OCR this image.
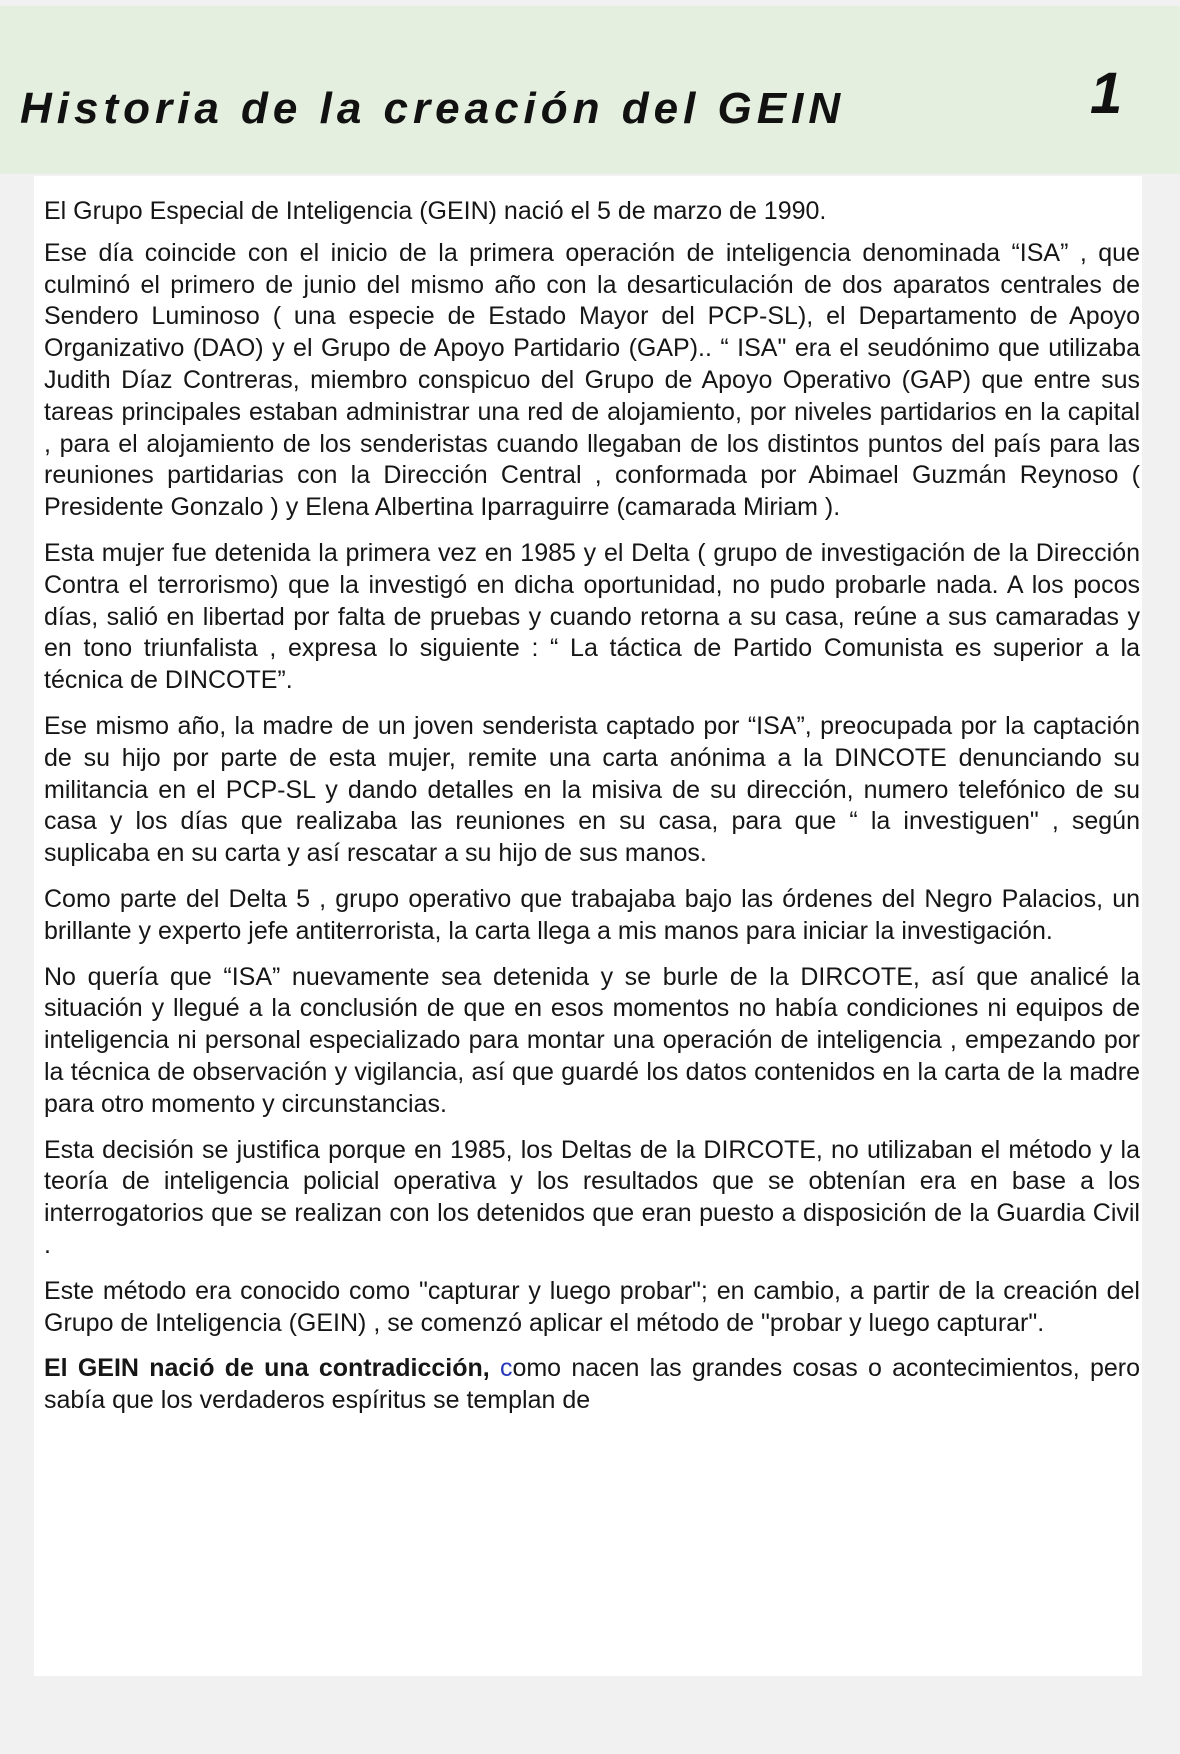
Historia de la creación del GEIN	1

El Grupo Especial de Inteligencia (GEIN) nació el 5 de marzo de 1990.

Ese día coincide con el inicio de la primera operación de inteligencia denominada “ISA” , que culminó el primero de junio del mismo año con la desarticulación de dos aparatos centrales de Sendero Luminoso ( una especie de Estado Mayor del PCP-SL), el Departamento de Apoyo Organizativo (DAO) y el Grupo de Apoyo Partidario (GAP).. “ ISA" era el seudónimo que utilizaba Judith Díaz Contreras, miembro conspicuo del Grupo de Apoyo Operativo (GAP) que entre sus tareas principales estaban administrar una red de alojamiento, por niveles partidarios en la capital , para el alojamiento de los senderistas cuando llegaban de los distintos puntos del país para las reuniones partidarias con la Dirección Central , conformada por Abimael Guzmán Reynoso ( Presidente Gonzalo ) y Elena Albertina Iparraguirre (camarada Miriam ).

Esta mujer fue detenida la primera vez en 1985 y el Delta ( grupo de investigación de la Dirección Contra el terrorismo) que la investigó en dicha oportunidad, no pudo probarle nada. A los pocos días, salió en libertad por falta de pruebas y cuando retorna a su casa, reúne a sus camaradas y en tono triunfalista , expresa lo siguiente : “ La táctica de Partido Comunista es superior a la técnica de DINCOTE”.

Ese mismo año, la madre de un joven senderista captado por “ISA”, preocupada por la captación de su hijo por parte de esta mujer, remite una carta anónima a la DINCOTE denunciando su militancia en el PCP-SL y dando detalles en la misiva de su dirección, numero telefónico de su casa y los días que realizaba las reuniones en su casa, para que “ la investiguen" , según suplicaba en su carta y así rescatar a su hijo de sus manos.

Como parte del Delta 5 , grupo operativo que trabajaba bajo las órdenes del Negro Palacios, un brillante y experto jefe antiterrorista, la carta llega a mis manos para iniciar la investigación.

No quería que “ISA” nuevamente sea detenida y se burle de la DIRCOTE, así que analicé la situación y llegué a la conclusión de que en esos momentos no había condiciones ni equipos de inteligencia ni personal especializado para montar una operación de inteligencia , empezando por la técnica de observación y vigilancia, así que guardé los datos contenidos en la carta de la madre para otro momento y circunstancias.

Esta decisión se justifica porque en 1985, los Deltas de la DIRCOTE, no utilizaban el método y la teoría de inteligencia policial operativa y los resultados que se obtenían era en base a los interrogatorios que se realizan con los detenidos que eran puesto a disposición de la Guardia Civil .

Este método era conocido como "capturar y luego probar"; en cambio, a partir de la creación del Grupo de Inteligencia (GEIN) , se comenzó aplicar el método de "probar y luego capturar".

El GEIN nació de una contradicción, como nacen las grandes cosas o acontecimientos, pero sabía que los verdaderos espíritus se templan de
